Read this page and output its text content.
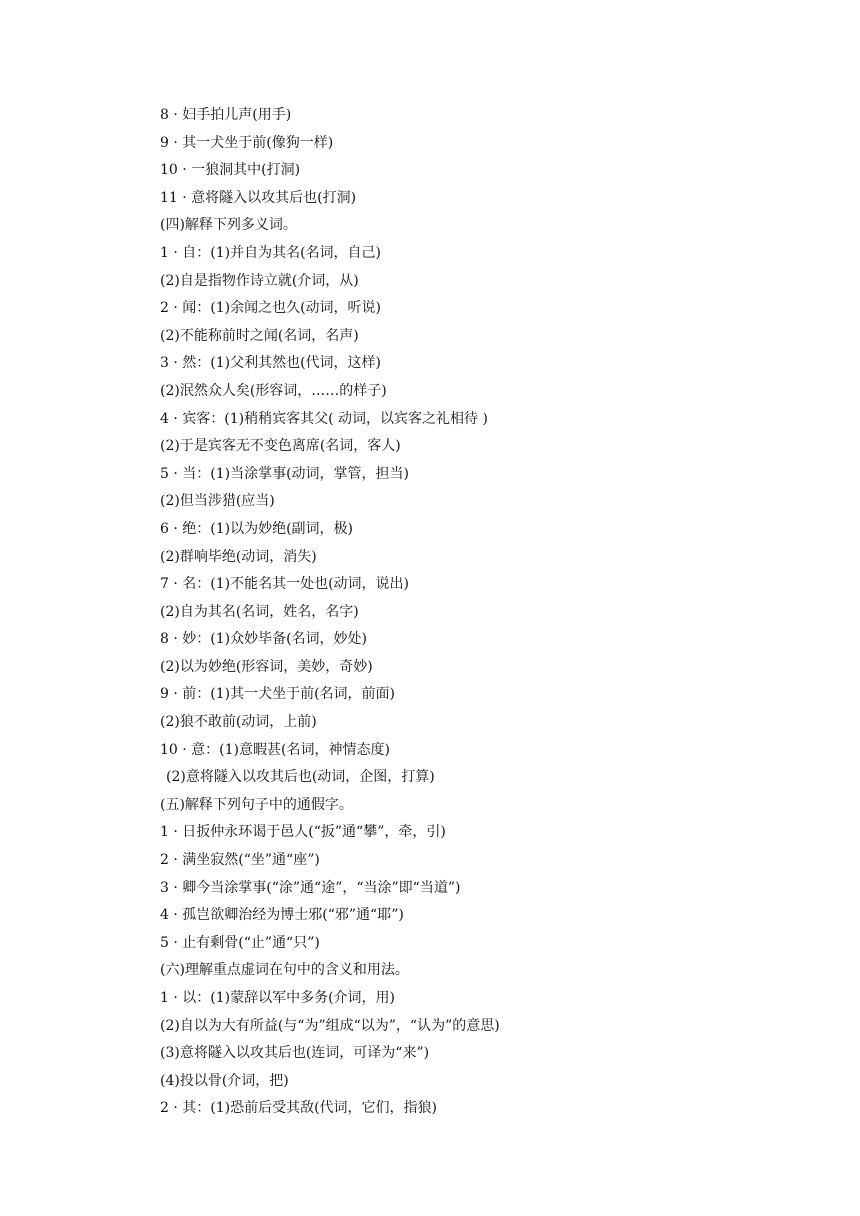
8 · 妇手拍儿声(用手)
9 · 其一犬坐于前(像狗一样)
10 · 一狼洞其中(打洞)
11 · 意将隧入以攻其后也(打洞)
(四)解释下列多义词。
1 · 自：(1)并自为其名(名词，自己)
(2)自是指物作诗立就(介词，从)
2 · 闻：(1)余闻之也久(动词，听说)
(2)不能称前时之闻(名词，名声)
3 · 然：(1)父利其然也(代词，这样)
(2)泯然众人矣(形容词，……的样子)
4 · 宾客：(1)稍稍宾客其父( 动词，以宾客之礼相待 )
(2)于是宾客无不变色离席(名词，客人)
5 · 当：(1)当涂掌事(动词，掌管，担当)
(2)但当涉猎(应当)
6 · 绝：(1)以为妙绝(副词，极)
(2)群响毕绝(动词，消失)
7 · 名：(1)不能名其一处也(动词，说出)
(2)自为其名(名词，姓名，名字)
8 · 妙：(1)众妙毕备(名词，妙处)
(2)以为妙绝(形容词，美妙，奇妙)
9 · 前：(1)其一犬坐于前(名词，前面)
(2)狼不敢前(动词，上前)
10 · 意：(1)意暇甚(名词，神情态度)
(2)意将隧入以攻其后也(动词，企图，打算)
(五)解释下列句子中的通假字。
1 · 日扳仲永环谒于邑人(“扳”通“攀”，牵，引)
2 · 满坐寂然(“坐”通“座”)
3 · 卿今当涂掌事(“涂”通“途”，“当涂”即“当道”)
4 · 孤岂欲卿治经为博士邪(“邪”通“耶”)
5 · 止有剩骨(“止”通“只”)
(六)理解重点虚词在句中的含义和用法。
1 · 以：(1)蒙辞以军中多务(介词，用)
(2)自以为大有所益(与“为”组成“以为”，“认为”的意思)
(3)意将隧入以攻其后也(连词，可译为“来”)
(4)投以骨(介词，把)
2 · 其：(1)恐前后受其敌(代词，它们，指狼)
